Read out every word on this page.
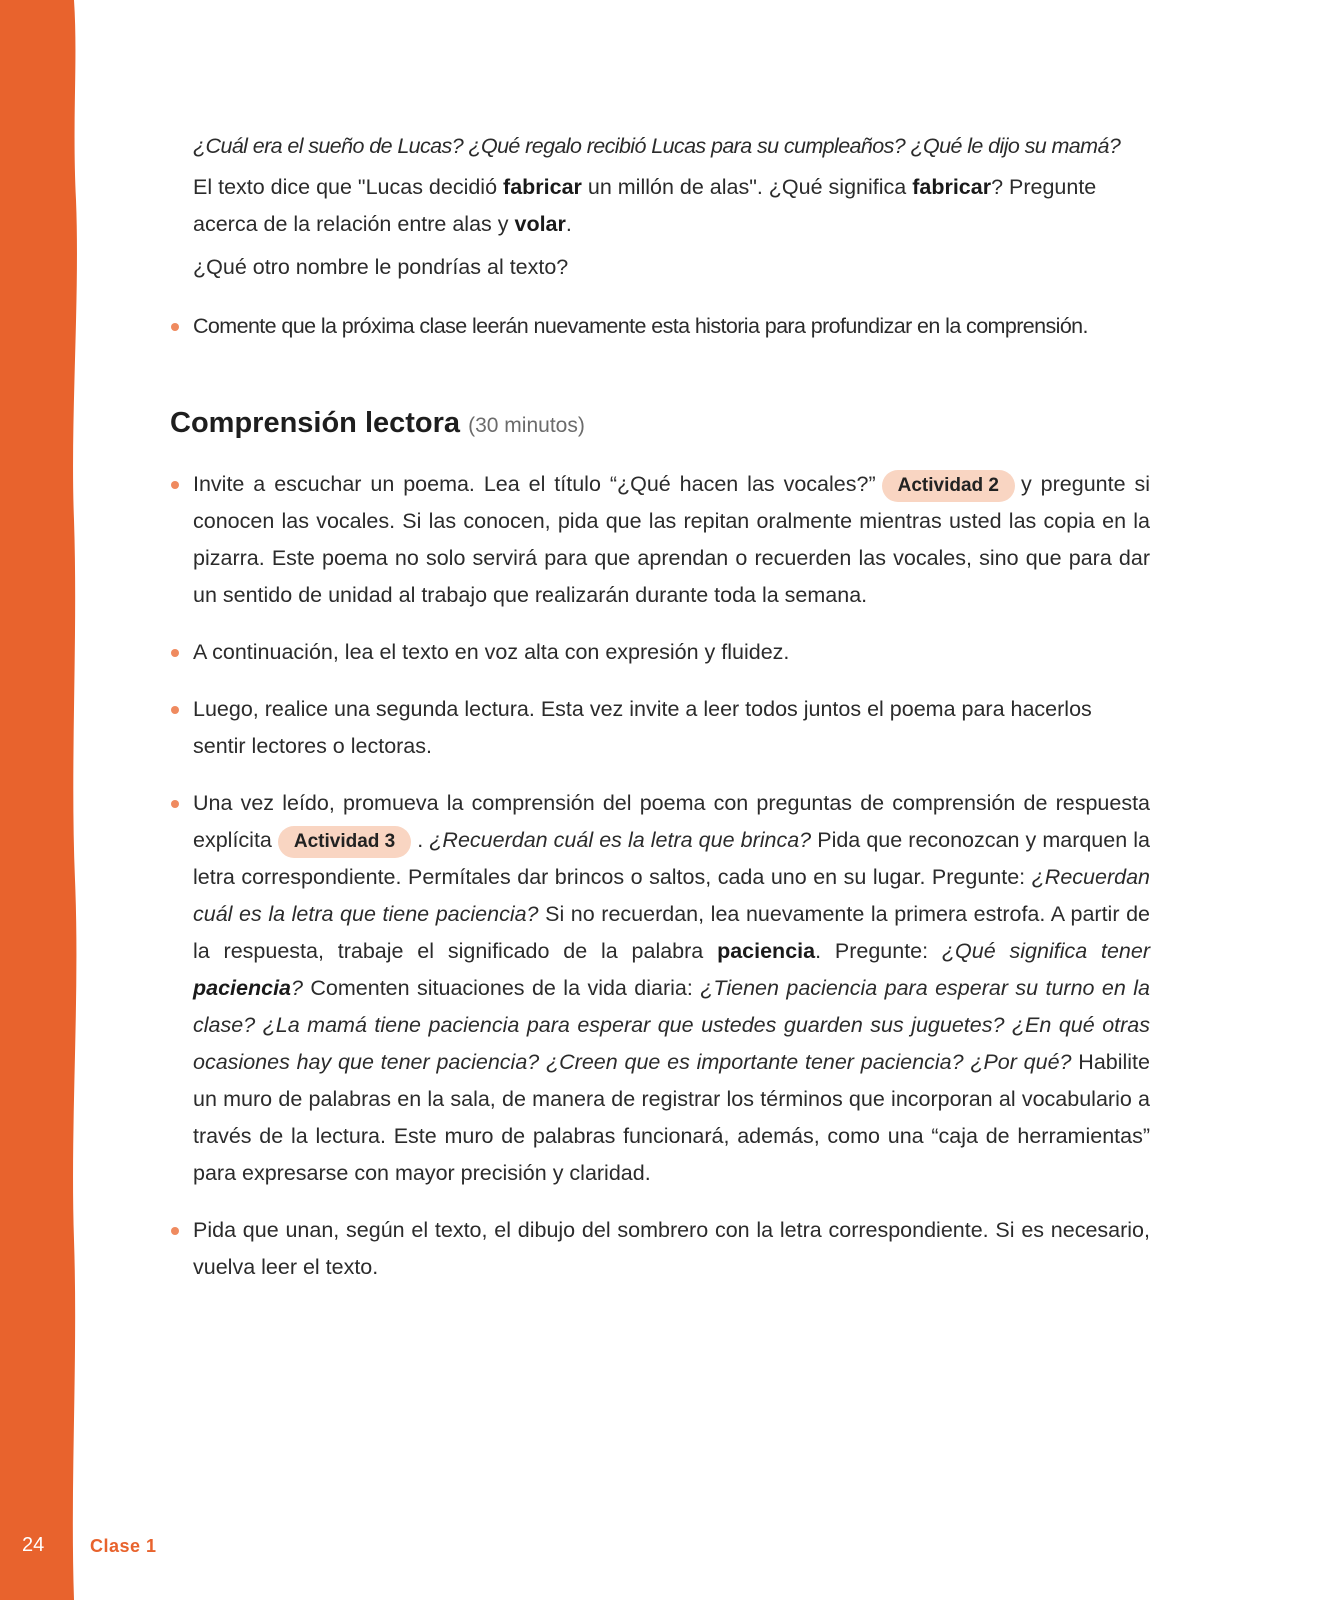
24	Clase 1

¿Cuál era el sueño de Lucas? ¿Qué regalo recibió Lucas para su cumpleaños? ¿Qué le dijo su mamá?

El texto dice que "Lucas decidió fabricar un millón de alas". ¿Qué significa fabricar? Pregunte acerca de la relación entre alas y volar.

¿Qué otro nombre le pondrías al texto?

Comente que la próxima clase leerán nuevamente esta historia para profundizar en la comprensión.

Comprensión lectora (30 minutos)

Invite a escuchar un poema. Lea el título “¿Qué hacen las vocales?” Actividad 2 y pregunte si conocen las vocales. Si las conocen, pida que las repitan oralmente mientras usted las copia en la pizarra. Este poema no solo servirá para que aprendan o recuerden las vocales, sino que para dar un sentido de unidad al trabajo que realizarán durante toda la semana.

A continuación, lea el texto en voz alta con expresión y fluidez.

Luego, realice una segunda lectura. Esta vez invite a leer todos juntos el poema para hacerlos sentir lectores o lectoras.

Una vez leído, promueva la comprensión del poema con preguntas de comprensión de respuesta explícita Actividad 3 . ¿Recuerdan cuál es la letra que brinca? Pida que reconozcan y marquen la letra correspondiente. Permítales dar brincos o saltos, cada uno en su lugar. Pregunte: ¿Recuerdan cuál es la letra que tiene paciencia? Si no recuerdan, lea nuevamente la primera estrofa. A partir de la respuesta, trabaje el significado de la palabra paciencia. Pregunte: ¿Qué significa tener paciencia? Comenten situaciones de la vida diaria: ¿Tienen paciencia para esperar su turno en la clase? ¿La mamá tiene paciencia para esperar que ustedes guarden sus juguetes? ¿En qué otras ocasiones hay que tener paciencia? ¿Creen que es importante tener paciencia? ¿Por qué? Habilite un muro de palabras en la sala, de manera de registrar los términos que incorporan al vocabulario a través de la lectura. Este muro de palabras funcionará, además, como una “caja de herramientas” para expresarse con mayor precisión y claridad.

Pida que unan, según el texto, el dibujo del sombrero con la letra correspondiente. Si es necesario, vuelva leer el texto.
